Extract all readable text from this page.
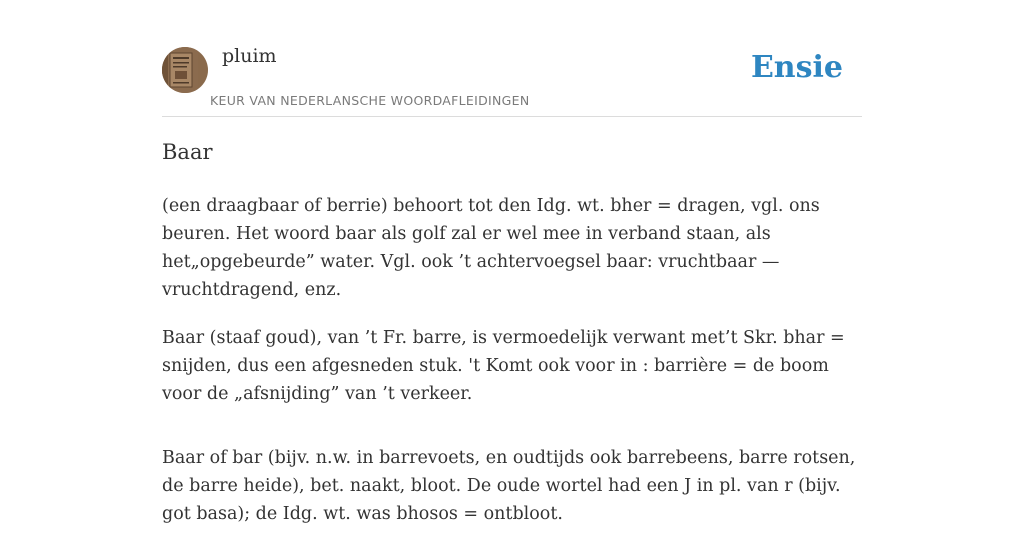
pluim
KEUR VAN NEDERLANSCHE WOORDAFLEIDINGEN
Ensie
Baar

(een draagbaar of berrie) behoort tot den Idg. wt. bher = dragen, vgl. ons beuren. Het woord baar als golf zal er wel mee in verband staan, als het„opgebeurde” water. Vgl. ook ’t achtervoegsel baar: vruchtbaar — vruchtdragend, enz.

Baar (staaf goud), van ’t Fr. barre, is vermoedelijk verwant met’t Skr. bhar = snijden, dus een afgesneden stuk. 't Komt ook voor in : barrière = de boom voor de „afsnijding” van ’t verkeer.

Baar of bar (bijv. n.w. in barrevoets, en oudtijds ook barrebeens, barre rotsen, de barre heide), bet. naakt, bloot. De oude wortel had een J in pl. van r (bijv. got basa); de Idg. wt. was bhosos = ontbloot.
